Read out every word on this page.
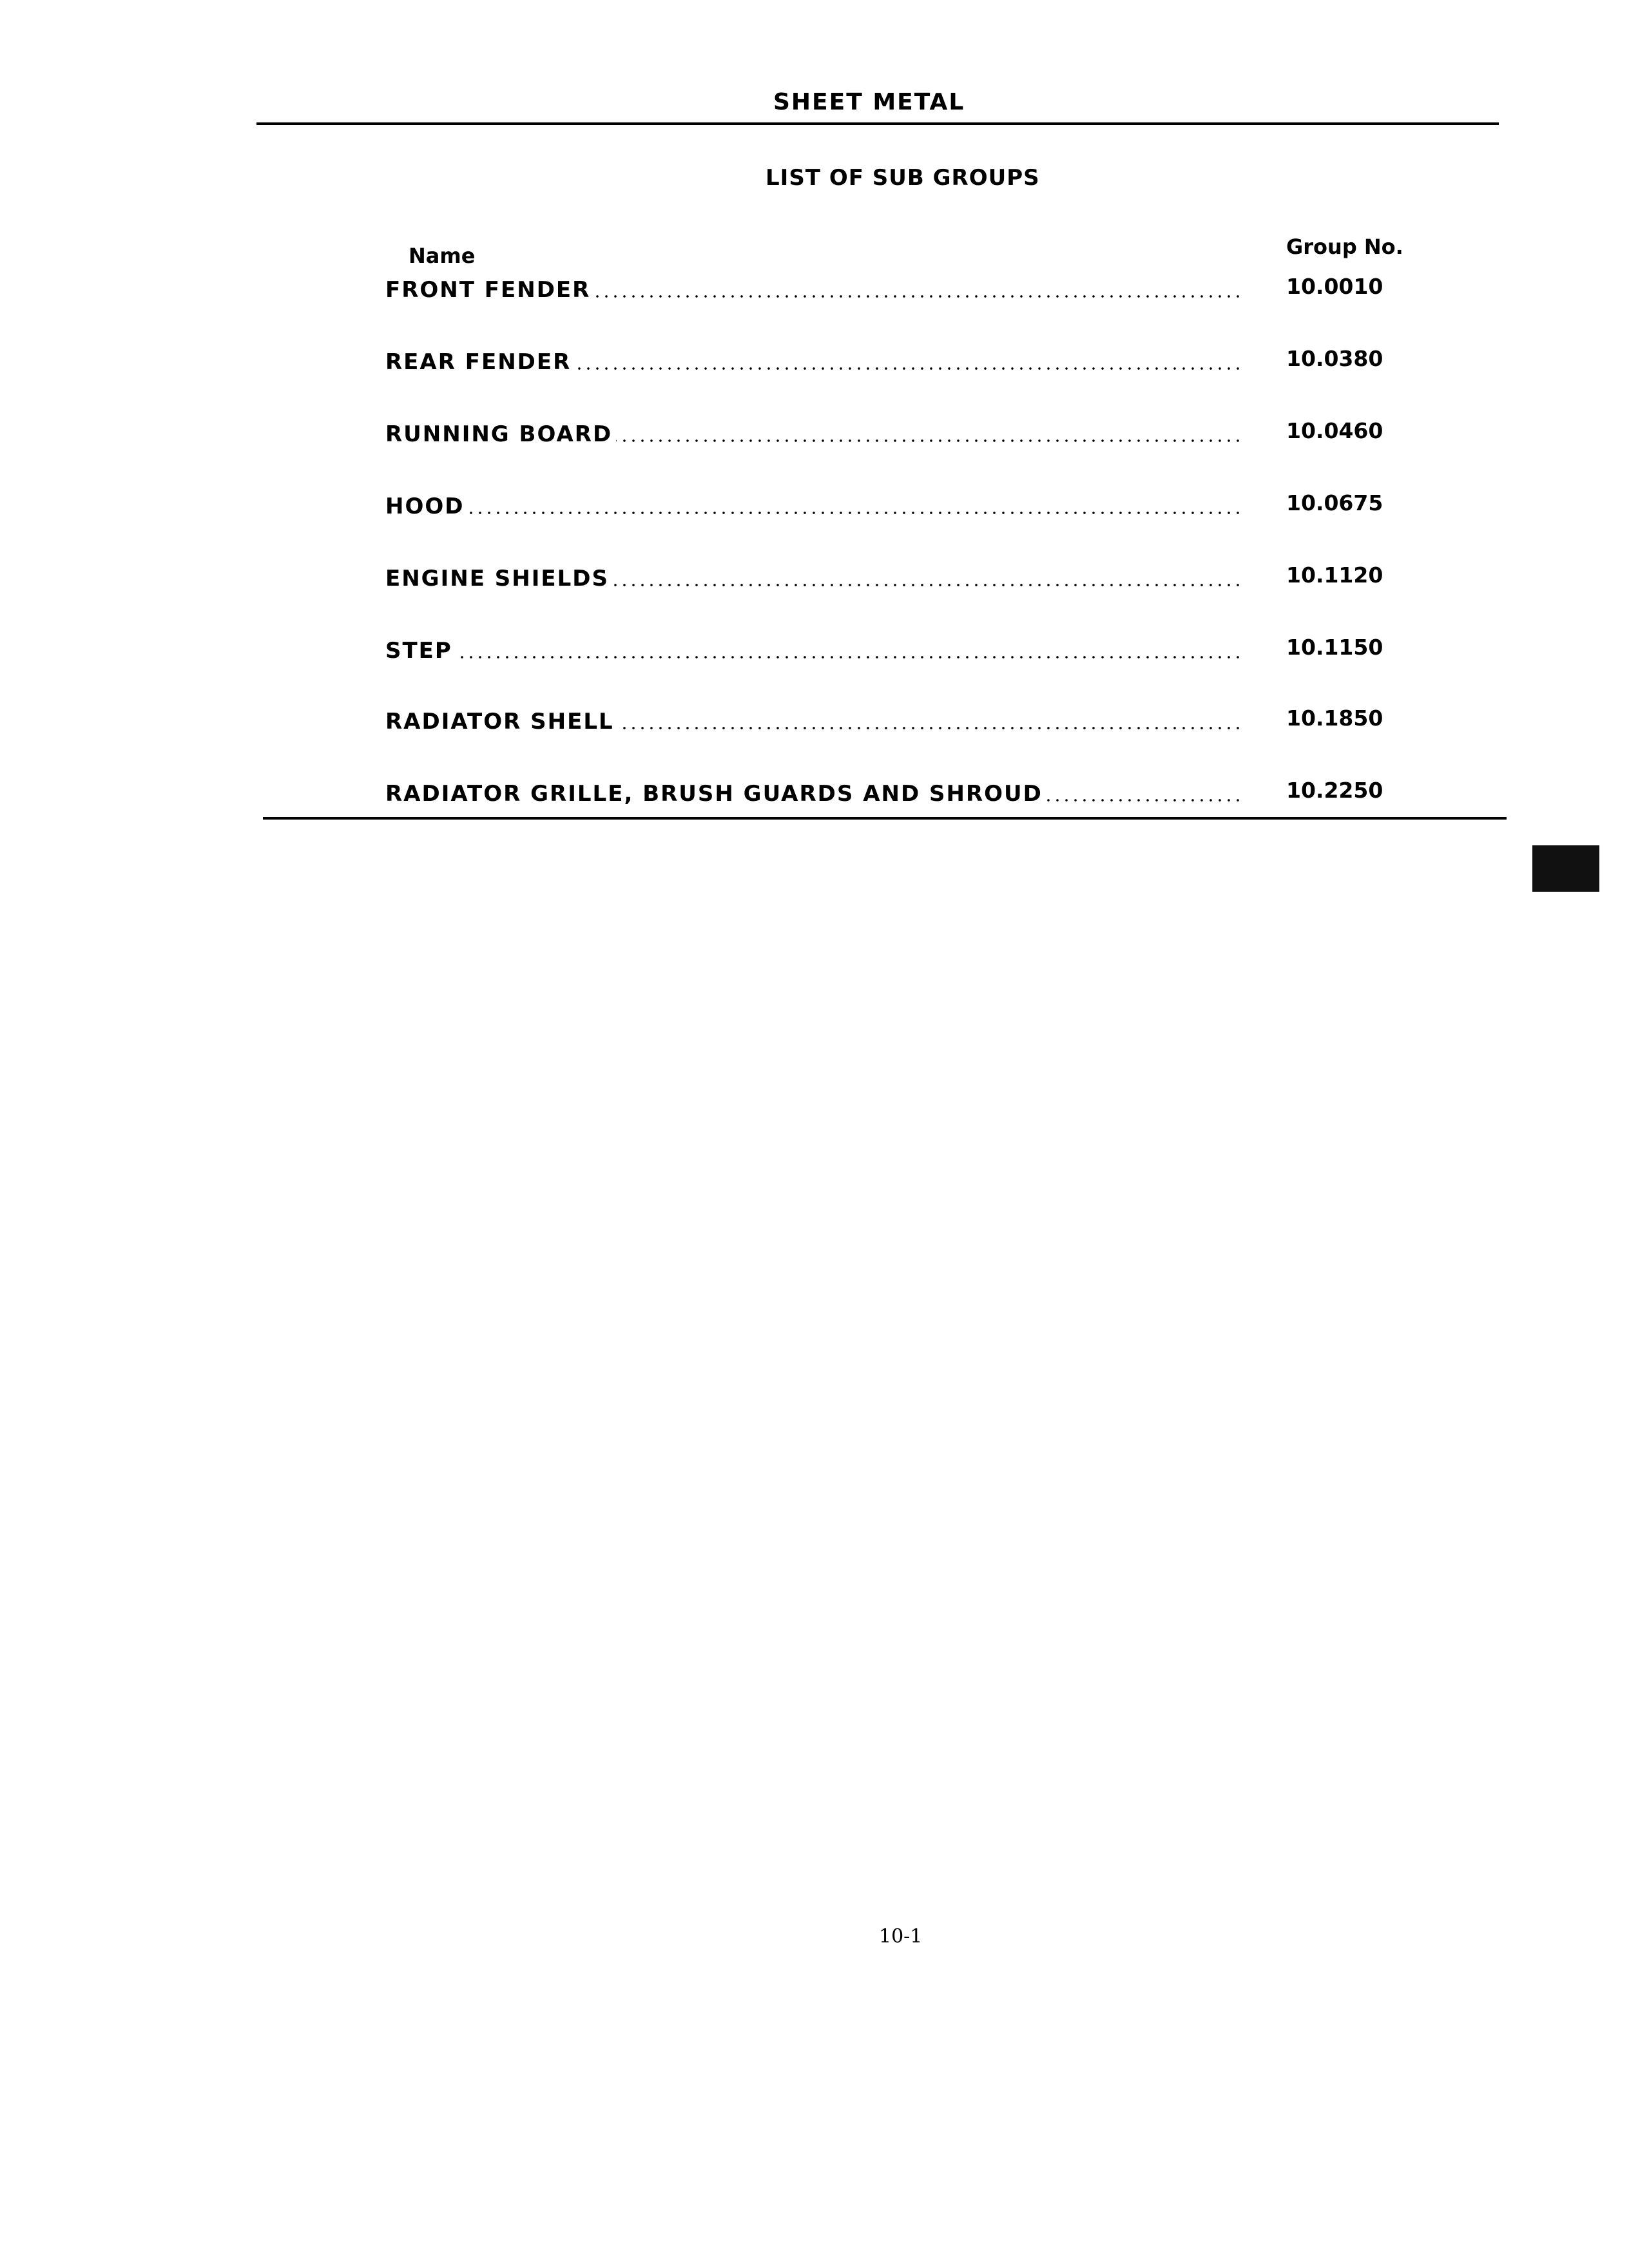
SHEET METAL
LIST OF SUB GROUPS
Name	Group No.
FRONT FENDER	10.0010
REAR FENDER	10.0380
RUNNING BOARD	10.0460
HOOD	10.0675
ENGINE SHIELDS	10.1120
STEP	10.1150
RADIATOR SHELL	10.1850
RADIATOR GRILLE, BRUSH GUARDS AND SHROUD	10.2250
10-1
